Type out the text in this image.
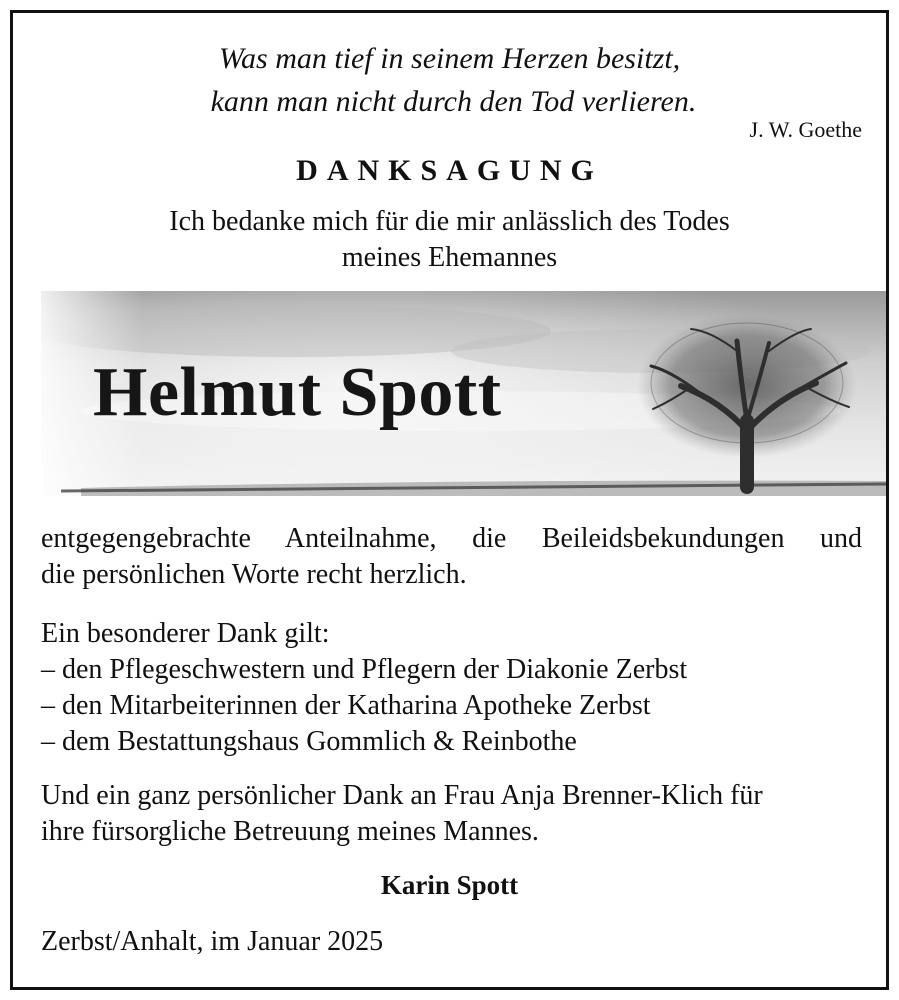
Was man tief in seinem Herzen besitzt,
kann man nicht durch den Tod verlieren.
J. W. Goethe
DANKSAGUNG
Ich bedanke mich für die mir anlässlich des Todes
meines Ehemannes
Helmut Spott
entgegengebrachte Anteilnahme, die Beileidsbekundungen und
die persönlichen Worte recht herzlich.
Ein besonderer Dank gilt:
– den Pflegeschwestern und Pflegern der Diakonie Zerbst
– den Mitarbeiterinnen der Katharina Apotheke Zerbst
– dem Bestattungshaus Gommlich & Reinbothe
Und ein ganz persönlicher Dank an Frau Anja Brenner-Klich für
ihre fürsorgliche Betreuung meines Mannes.
Karin Spott
Zerbst/Anhalt, im Januar 2025
